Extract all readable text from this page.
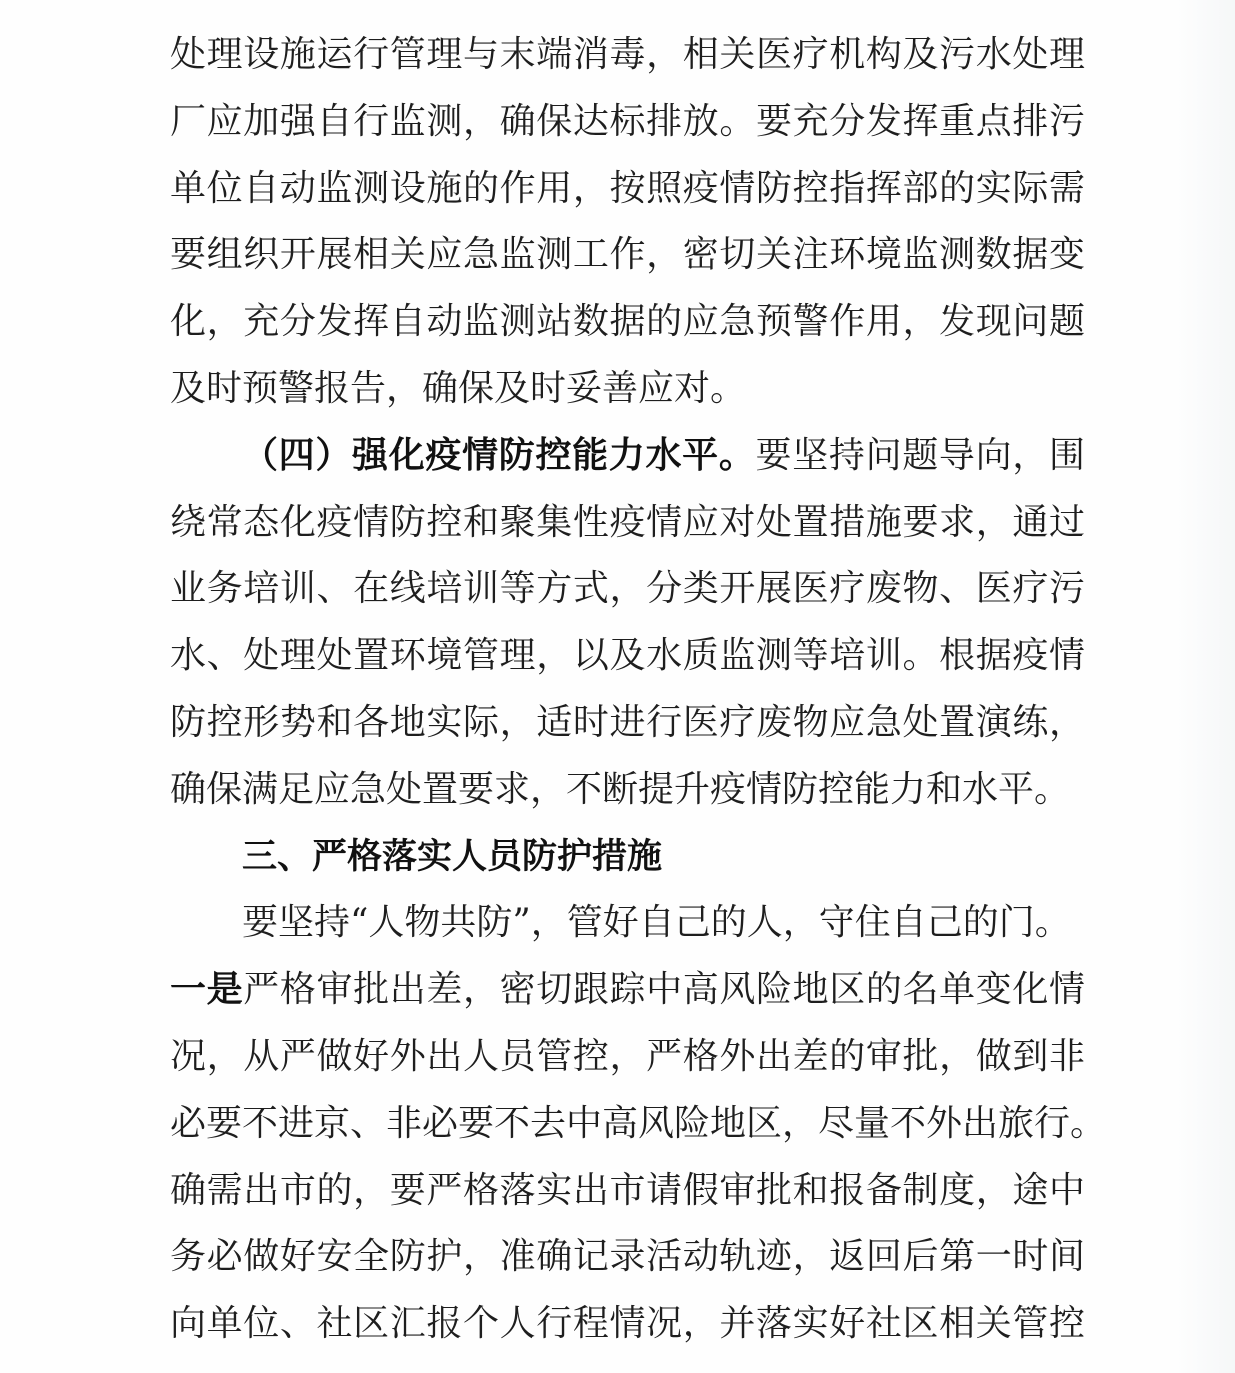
处理设施运行管理与末端消毒，相关医疗机构及污水处理
厂应加强自行监测，确保达标排放。要充分发挥重点排污
单位自动监测设施的作用，按照疫情防控指挥部的实际需
要组织开展相关应急监测工作，密切关注环境监测数据变
化，充分发挥自动监测站数据的应急预警作用，发现问题
及时预警报告，确保及时妥善应对。
（四）强化疫情防控能力水平。要坚持问题导向，围
绕常态化疫情防控和聚集性疫情应对处置措施要求，通过
业务培训、在线培训等方式，分类开展医疗废物、医疗污
水、处理处置环境管理，以及水质监测等培训。根据疫情
防控形势和各地实际，适时进行医疗废物应急处置演练，
确保满足应急处置要求，不断提升疫情防控能力和水平。
三、严格落实人员防护措施
要坚持“人物共防”，管好自己的人，守住自己的门。
一是严格审批出差，密切跟踪中高风险地区的名单变化情
况，从严做好外出人员管控，严格外出差的审批，做到非
必要不进京、非必要不去中高风险地区，尽量不外出旅行。
确需出市的，要严格落实出市请假审批和报备制度，途中
务必做好安全防护，准确记录活动轨迹，返回后第一时间
向单位、社区汇报个人行程情况，并落实好社区相关管控
